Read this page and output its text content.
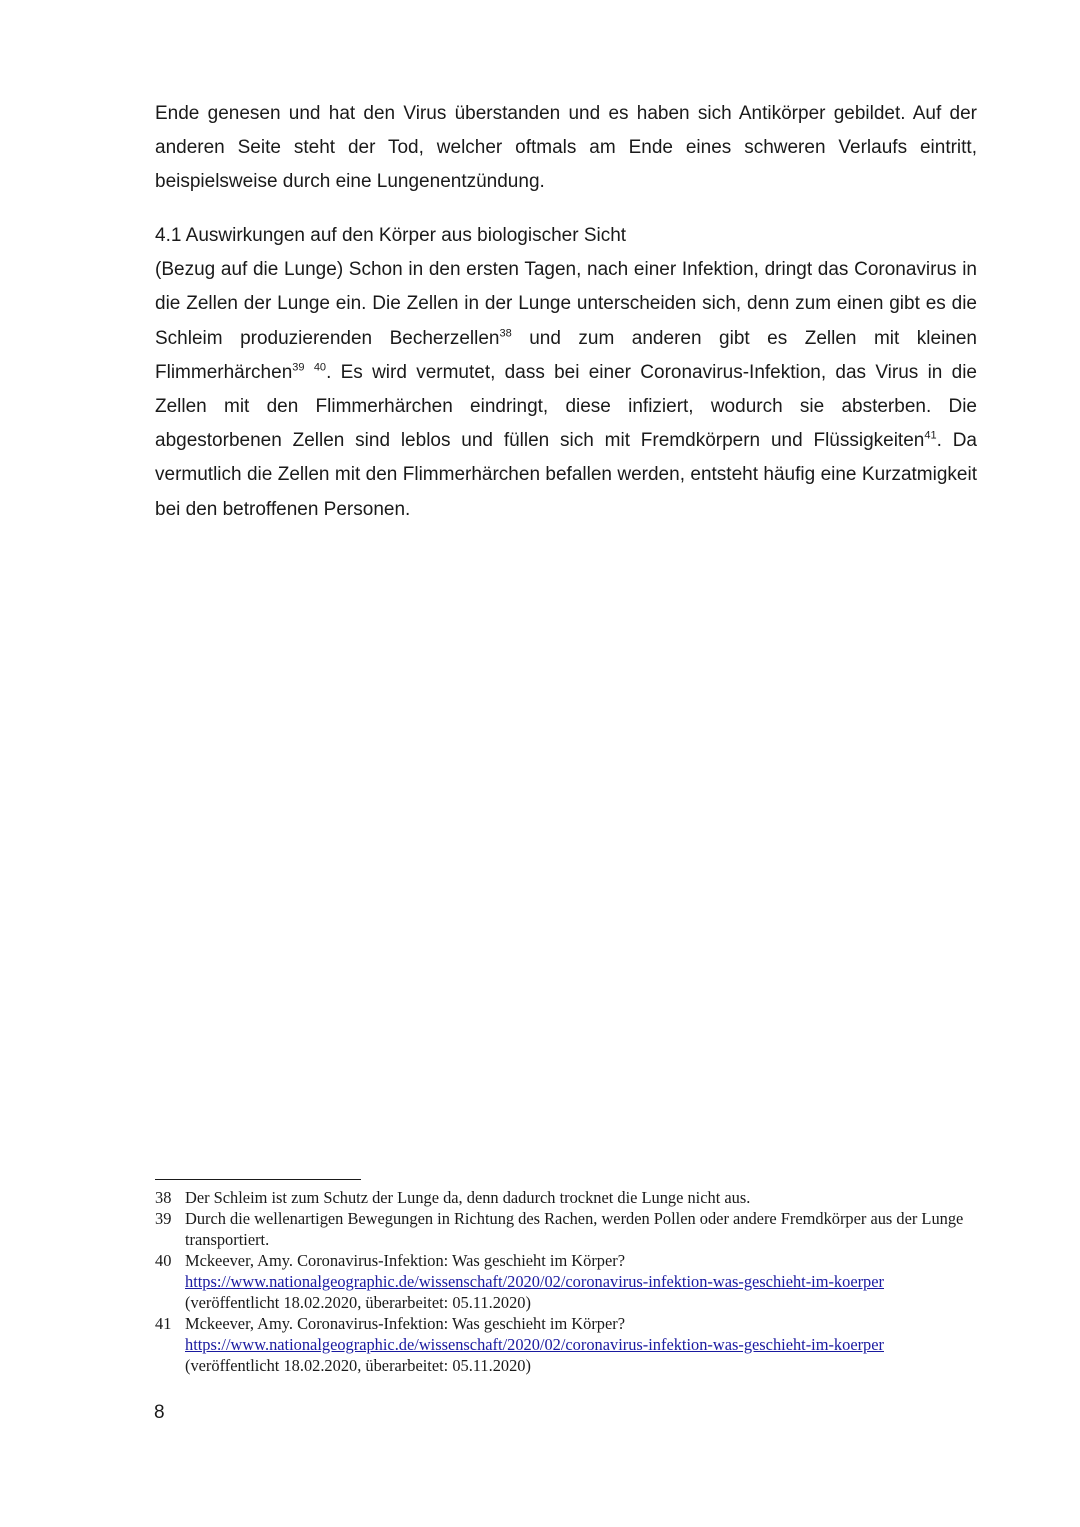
Ende genesen und hat den Virus überstanden und es haben sich Antikörper gebildet. Auf der anderen Seite steht der Tod, welcher oftmals am Ende eines schweren Verlaufs eintritt, beispielsweise durch eine Lungenentzündung.

4.1 Auswirkungen auf den Körper aus biologischer Sicht

(Bezug auf die Lunge) Schon in den ersten Tagen, nach einer Infektion, dringt das Coronavirus in die Zellen der Lunge ein. Die Zellen in der Lunge unterscheiden sich, denn zum einen gibt es die Schleim produzierenden Becherzellen$^{38}$ und zum anderen gibt es Zellen mit kleinen Flimmerhärchen$^{39}$ $^{40}$. Es wird vermutet, dass bei einer Coronavirus-Infektion, das Virus in die Zellen mit den Flimmerhärchen eindringt, diese infiziert, wodurch sie absterben. Die abgestorbenen Zellen sind leblos und füllen sich mit Fremdkörpern und Flüssigkeiten$^{41}$. Da vermutlich die Zellen mit den Flimmerhärchen befallen werden, entsteht häufig eine Kurzatmigkeit bei den betroffenen Personen.

38 Der Schleim ist zum Schutz der Lunge da, denn dadurch trocknet die Lunge nicht aus.
39 Durch die wellenartigen Bewegungen in Richtung des Rachen, werden Pollen oder andere Fremdkörper aus der Lunge transportiert.
40 Mckeever, Amy. Coronavirus-Infektion: Was geschieht im Körper?
https://www.nationalgeographic.de/wissenschaft/2020/02/coronavirus-infektion-was-geschieht-im-koerper
(veröffentlicht 18.02.2020, überarbeitet: 05.11.2020)
41 Mckeever, Amy. Coronavirus-Infektion: Was geschieht im Körper?
https://www.nationalgeographic.de/wissenschaft/2020/02/coronavirus-infektion-was-geschieht-im-koerper
(veröffentlicht 18.02.2020, überarbeitet: 05.11.2020)
8
